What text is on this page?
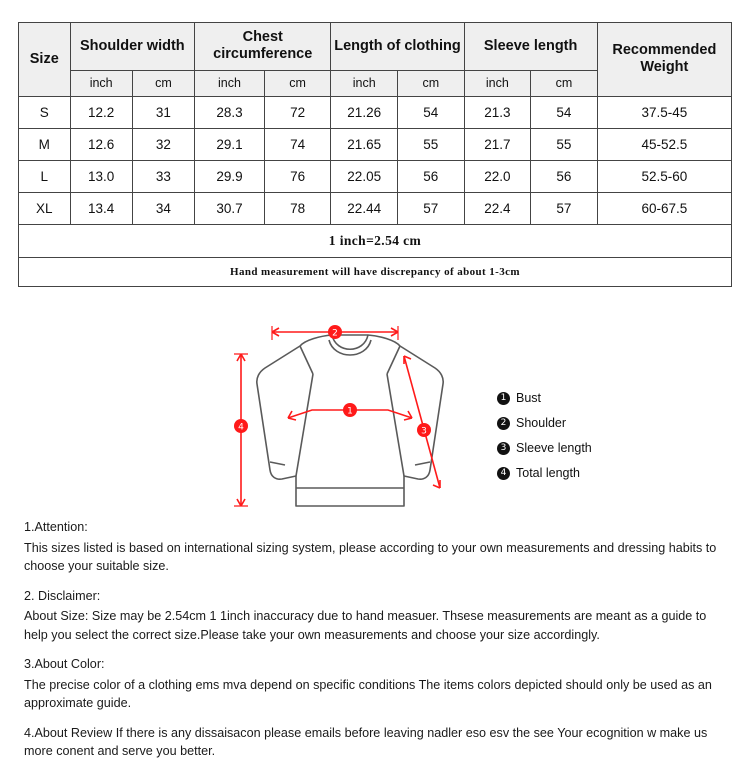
Size	Shoulder width		Chest circumference		Length of clothing		Sleeve length		Recommended Weight
	inch	cm	inch	cm	inch	cm	inch	cm	
S	12.2	31	28.3	72	21.26	54	21.3	54	37.5-45
M	12.6	32	29.1	74	21.65	55	21.7	55	45-52.5
L	13.0	33	29.9	76	22.05	56	22.0	56	52.5-60
XL	13.4	34	30.7	78	22.44	57	22.4	57	60-67.5
1 inch=2.54 cm									
Hand measurement will have discrepancy of about 1-3cm									
2
4
1
3
1 Bust
2 Shoulder
3 Sleeve length
4 Total length

1.Attention:

This sizes listed is based on international sizing system, please according to your own measurements and dressing habits to choose your suitable size.

2. Disclaimer:

About Size: Size may be 2.54cm 1 1inch inaccuracy due to hand measuer. Thsese measurements are meant as a guide to help you select the correct size.Please take your own measurements and choose your size accordingly.

3.About Color:

The precise color of a clothing ems mva depend on specific conditions The items colors depicted should only be used as an approximate guide.

4.About Review If there is any dissaisacon please emails before leaving nadler eso esv the see Your ecognition w make us more conent and serve you better.
